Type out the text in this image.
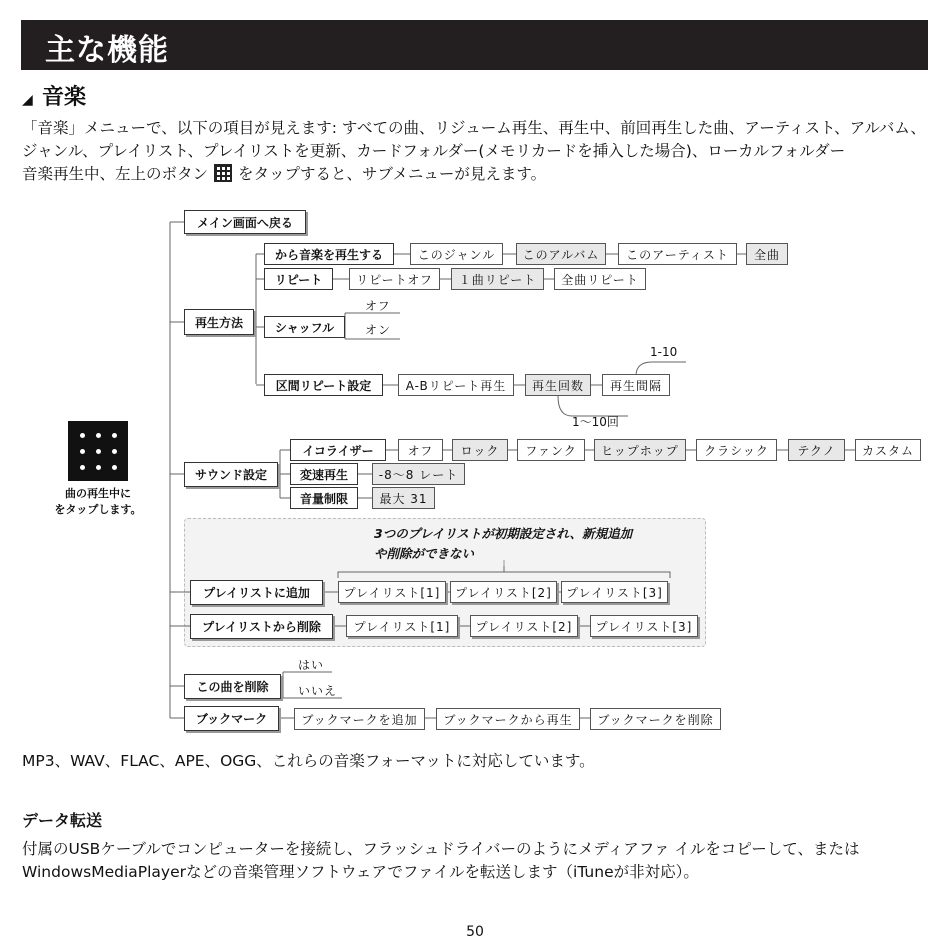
主な機能
◢ 音楽
「音楽」メニューで、以下の項目が見えます: すべての曲、リジューム再生、再生中、前回再生した曲、アーティスト、アルバム、
ジャンル、プレイリスト、プレイリストを更新、カードフォルダー(メモリカードを挿入した場合)、ローカルフォルダー
音楽再生中、左上のボタン をタップすると、サブメニューが見えます。
曲の再生中に
をタップします。
メイン画面へ戻る
再生方法
サウンド設定
プレイリストに追加
プレイリストから削除
この曲を削除
ブックマーク
から音楽を再生する	このジャンル	このアルバム	このアーティスト	全曲
リピート	リピートオフ	１曲リピート	全曲リピート
シャッフル
オフ
オン
区間リピート設定	A-Bリピート再生	再生回数	再生間隔
1-10
1～10回
イコライザー	オフ	ロック	ファンク	ヒップホップ	クラシック	テクノ	カスタム
変速再生	-8～8 レート
音量制限	最大 31
3つのプレイリストが初期設定され、新規追加
や削除ができない
プレイリスト[1]	プレイリスト[2]	プレイリスト[3]
プレイリスト[1]	プレイリスト[2]	プレイリスト[3]
はい
いいえ
ブックマークを追加	ブックマークから再生	ブックマークを削除
MP3、WAV、FLAC、APE、OGG、これらの音楽フォーマットに対応しています。
データ転送
付属のUSBケーブルでコンピューターを接続し、フラッシュドライバーのようにメディアファ イルをコピーして、または
WindowsMediaPlayerなどの音楽管理ソフトウェアでファイルを転送します（iTuneが非対応）。
50
